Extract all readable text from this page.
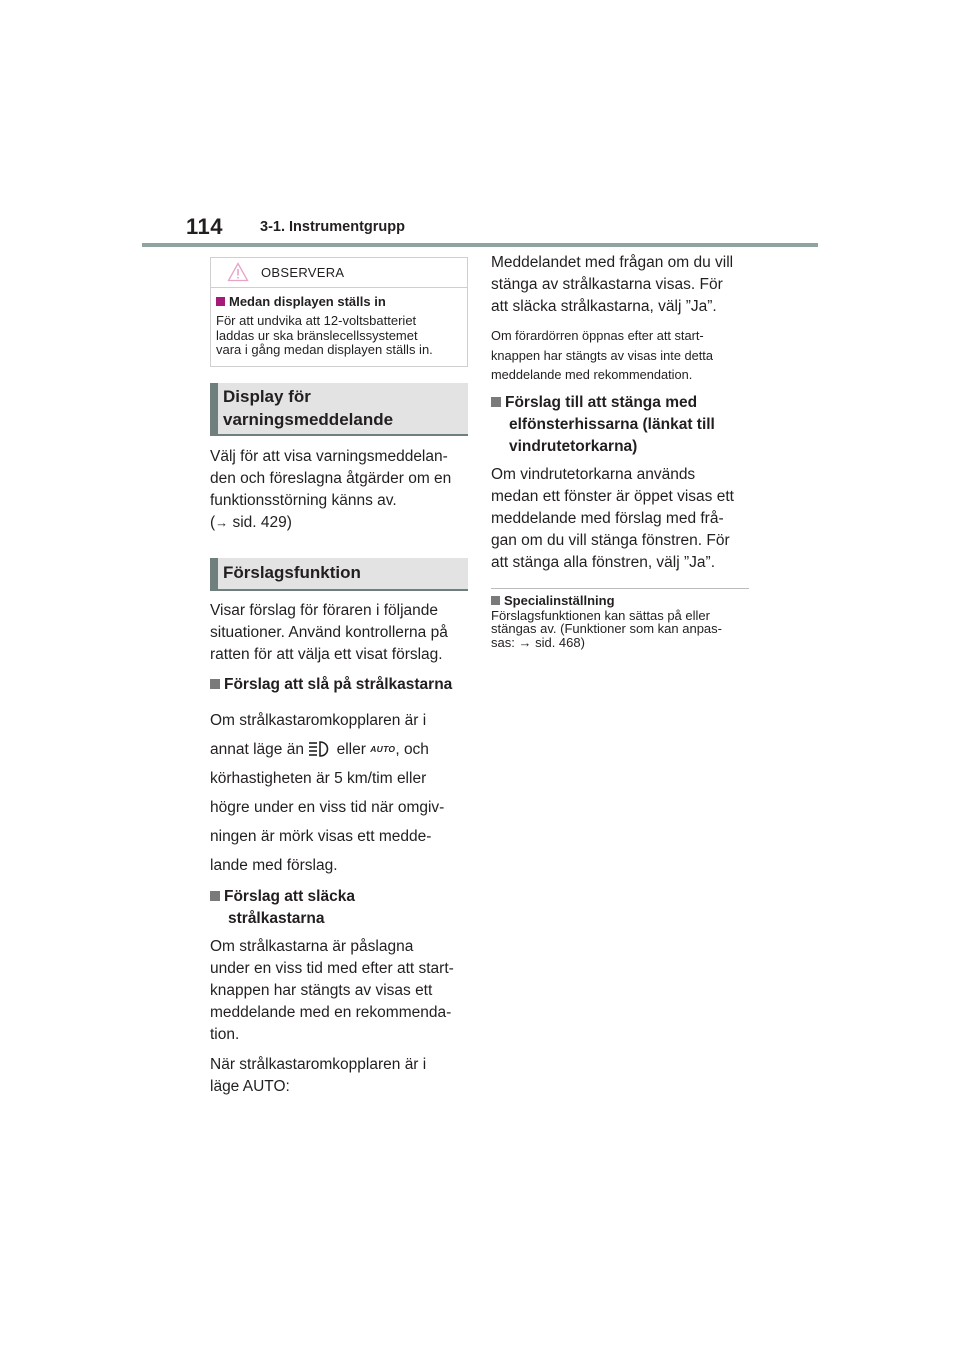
114	3-1. Instrumentgrupp
OBSERVERA
Medan displayen ställs in
För att undvika att 12-voltsbatteriet
laddas ur ska bränslecellssystemet
vara i gång medan displayen ställs in.
Display för
varningsmeddelande

Välj för att visa varningsmeddelan-

den och föreslagna åtgärder om en

funktionsstörning känns av.

(→ sid. 429)

Förslagsfunktion

Visar förslag för föraren i följande

situationer. Använd kontrollerna på

ratten för att välja ett visat förslag.

Förslag att slå på strålkastarna

Om strålkastaromkopplaren är i

annat läge än eller AUTO, och

körhastigheten är 5 km/tim eller

högre under en viss tid när omgiv-

ningen är mörk visas ett medde-

lande med förslag.

Förslag att släcka

strålkastarna

Om strålkastarna är påslagna

under en viss tid med efter att start-

knappen har stängts av visas ett

meddelande med en rekommenda-

tion.

När strålkastaromkopplaren är i

läge AUTO:

Meddelandet med frågan om du vill

stänga av strålkastarna visas. För

att släcka strålkastarna, välj ”Ja”.

Om förardörren öppnas efter att start-

knappen har stängts av visas inte detta

meddelande med rekommendation.

Förslag till att stänga med

elfönsterhissarna (länkat till

vindrutetorkarna)

Om vindrutetorkarna används

medan ett fönster är öppet visas ett

meddelande med förslag med frå-

gan om du vill stänga fönstren. För

att stänga alla fönstren, välj ”Ja”.

Specialinställning
Förslagsfunktionen kan sättas på eller
stängas av. (Funktioner som kan anpas-
sas: → sid. 468)
